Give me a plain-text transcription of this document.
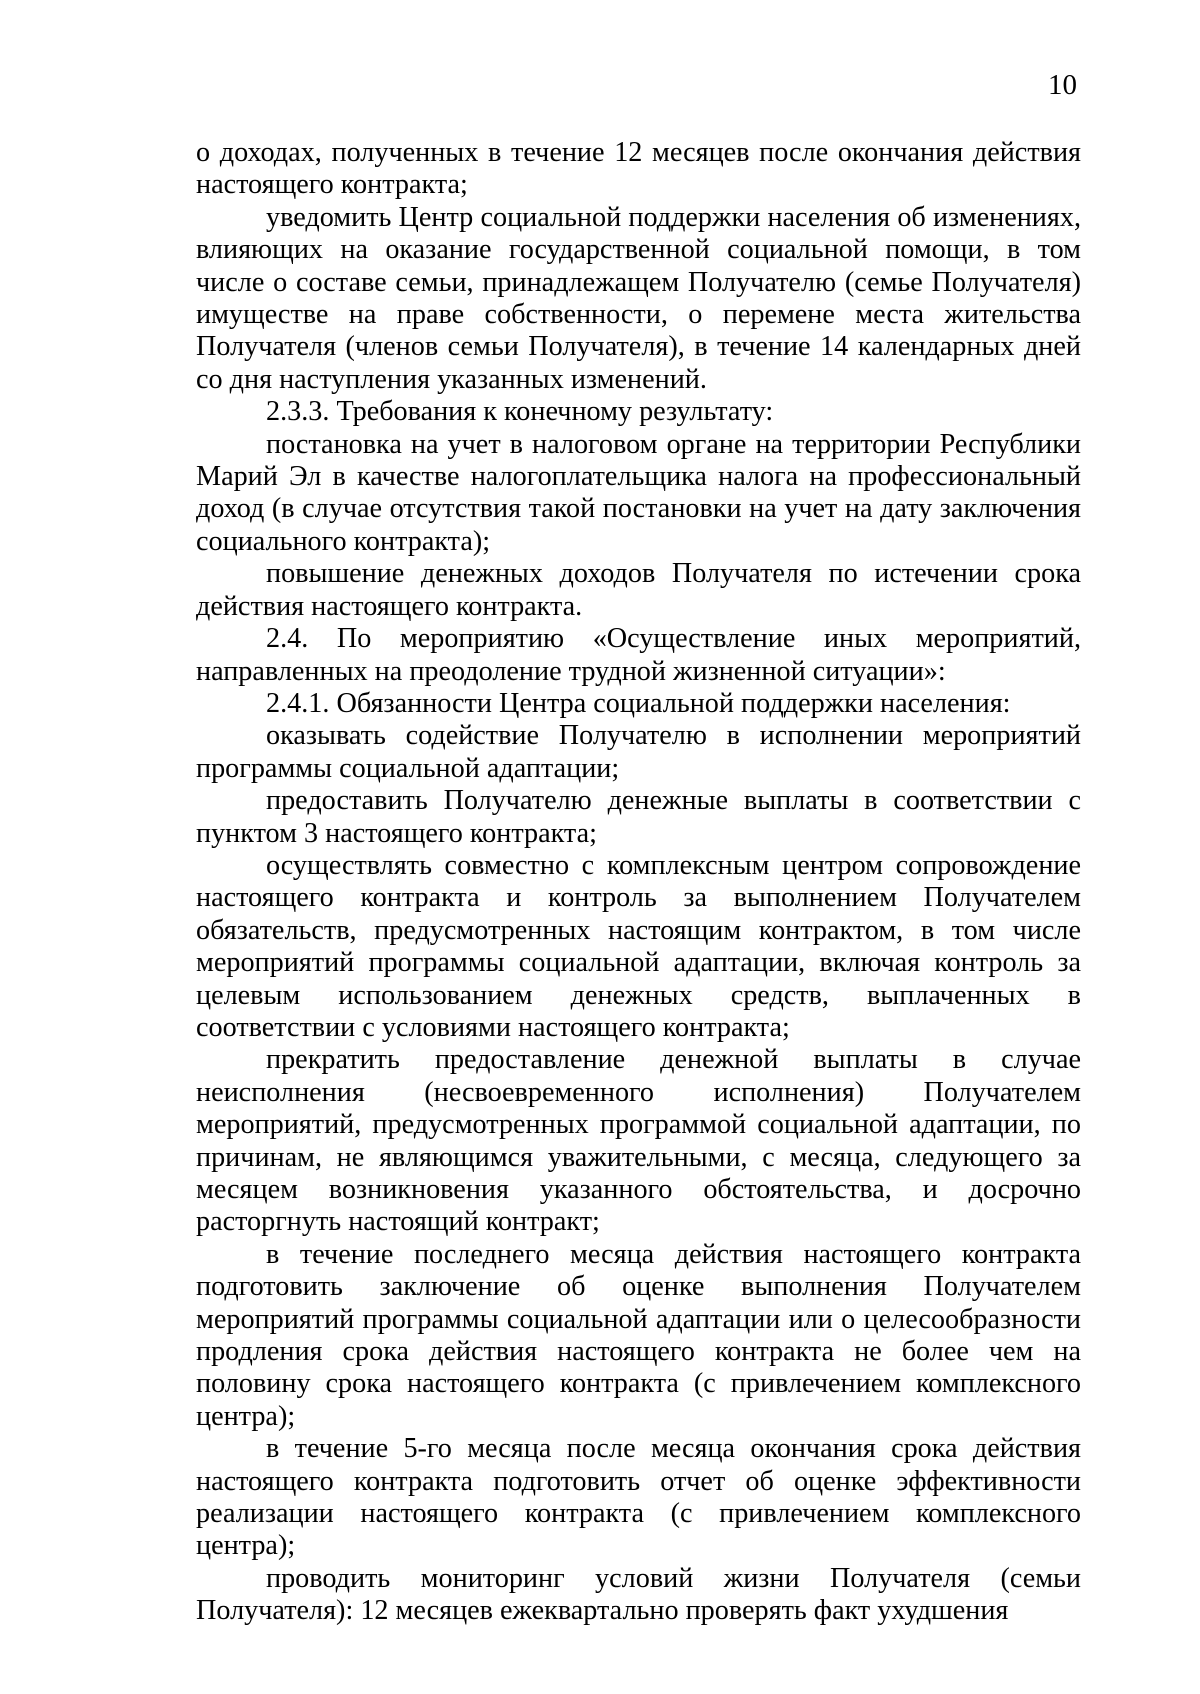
10

о доходах, полученных в течение 12 месяцев после окончания действия настоящего контракта;

уведомить Центр социальной поддержки населения об изменениях, влияющих на оказание государственной социальной помощи, в том числе о составе семьи, принадлежащем Получателю (семье Получателя) имуществе на праве собственности, о перемене места жительства Получателя (членов семьи Получателя), в течение 14 календарных дней со дня наступления указанных изменений.

2.3.3. Требования к конечному результату:

постановка на учет в налоговом органе на территории Республики Марий Эл в качестве налогоплательщика налога на профессиональный доход (в случае отсутствия такой постановки на учет на дату заключения социального контракта);

повышение денежных доходов Получателя по истечении срока действия настоящего контракта.

2.4. По мероприятию «Осуществление иных мероприятий, направленных на преодоление трудной жизненной ситуации»:

2.4.1. Обязанности Центра социальной поддержки населения:

оказывать содействие Получателю в исполнении мероприятий программы социальной адаптации;

предоставить Получателю денежные выплаты в соответствии с пунктом 3 настоящего контракта;

осуществлять совместно с комплексным центром сопровождение настоящего контракта и контроль за выполнением Получателем обязательств, предусмотренных настоящим контрактом, в том числе мероприятий программы социальной адаптации, включая контроль за целевым использованием денежных средств, выплаченных в соответствии с условиями настоящего контракта;

прекратить предоставление денежной выплаты в случае неисполнения (несвоевременного исполнения) Получателем мероприятий, предусмотренных программой социальной адаптации, по причинам, не являющимся уважительными, с месяца, следующего за месяцем возникновения указанного обстоятельства, и досрочно расторгнуть настоящий контракт;

в течение последнего месяца действия настоящего контракта подготовить заключение об оценке выполнения Получателем мероприятий программы социальной адаптации или о целесообразности продления срока действия настоящего контракта не более чем на половину срока настоящего контракта (с привлечением комплексного центра);

в течение 5-го месяца после месяца окончания срока действия настоящего контракта подготовить отчет об оценке эффективности реализации настоящего контракта (с привлечением комплексного центра);

проводить мониторинг условий жизни Получателя (семьи Получателя): 12 месяцев ежеквартально проверять факт ухудшения
